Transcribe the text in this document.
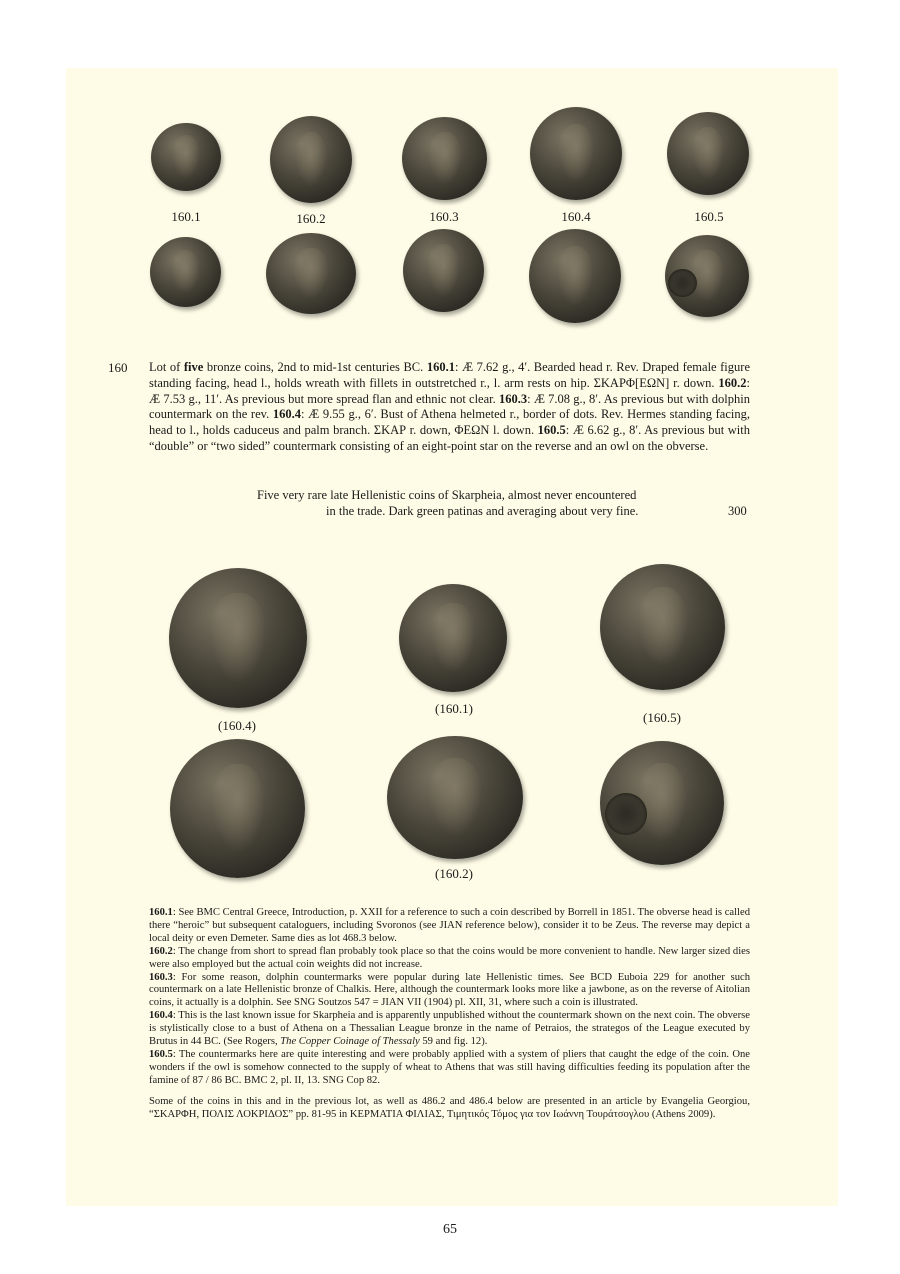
160.1	160.2	160.3	160.4	160.5
160 Lot of five bronze coins, 2nd to mid-1st centuries BC. 160.1: Æ 7.62 g., 4′. Bearded head r. Rev. Draped female figure standing facing, head l., holds wreath with fillets in outstretched r., l. arm rests on hip. ΣΚΑΡΦ[ΕΩΝ] r. down. 160.2: Æ 7.53 g., 11′. As previous but more spread flan and ethnic not clear. 160.3: Æ 7.08 g., 8′. As previous but with dolphin countermark on the rev. 160.4: Æ 9.55 g., 6′. Bust of Athena helmeted r., border of dots. Rev. Hermes standing facing, head to l., holds caduceus and palm branch. ΣΚΑΡ r. down, ΦΕΩΝ l. down. 160.5: Æ 6.62 g., 8′. As previous but with “double” or “two sided” countermark consisting of an eight-point star on the reverse and an owl on the obverse.
Five very rare late Hellenistic coins of Skarpheia, almost never encountered
in the trade. Dark green patinas and averaging about very fine.	300
(160.4)
(160.1)
(160.5)
(160.2)

160.1: See BMC Central Greece, Introduction, p. XXII for a reference to such a coin described by Borrell in 1851. The obverse head is called there “heroic” but subsequent cataloguers, including Svoronos (see JIAN reference below), consider it to be Zeus. The reverse may depict a local deity or even Demeter. Same dies as lot 468.3 below.

160.2: The change from short to spread flan probably took place so that the coins would be more convenient to handle. New larger sized dies were also employed but the actual coin weights did not increase.

160.3: For some reason, dolphin countermarks were popular during late Hellenistic times. See BCD Euboia 229 for another such countermark on a late Hellenistic bronze of Chalkis. Here, although the countermark looks more like a jawbone, as on the reverse of Aitolian coins, it actually is a dolphin. See SNG Soutzos 547 = JIAN VII (1904) pl. XII, 31, where such a coin is illustrated.

160.4: This is the last known issue for Skarpheia and is apparently unpublished without the countermark shown on the next coin. The obverse is stylistically close to a bust of Athena on a Thessalian League bronze in the name of Petraios, the strategos of the League executed by Brutus in 44 BC. (See Rogers, The Copper Coinage of Thessaly 59 and fig. 12).

160.5: The countermarks here are quite interesting and were probably applied with a system of pliers that caught the edge of the coin. One wonders if the owl is somehow connected to the supply of wheat to Athens that was still having difficulties feeding its population after the famine of 87 / 86 BC. BMC 2, pl. II, 13. SNG Cop 82.

Some of the coins in this and in the previous lot, as well as 486.2 and 486.4 below are presented in an article by Evangelia Georgiou, “ΣΚΑΡΦΗ, ΠΟΛΙΣ ΛΟΚΡΙΔΟΣ” pp. 81-95 in ΚΕΡΜΑΤΙΑ ΦΙΛΙΑΣ, Τιμητικός Τόμος για τον Ιωάννη Τουράτσογλου (Athens 2009).

65
